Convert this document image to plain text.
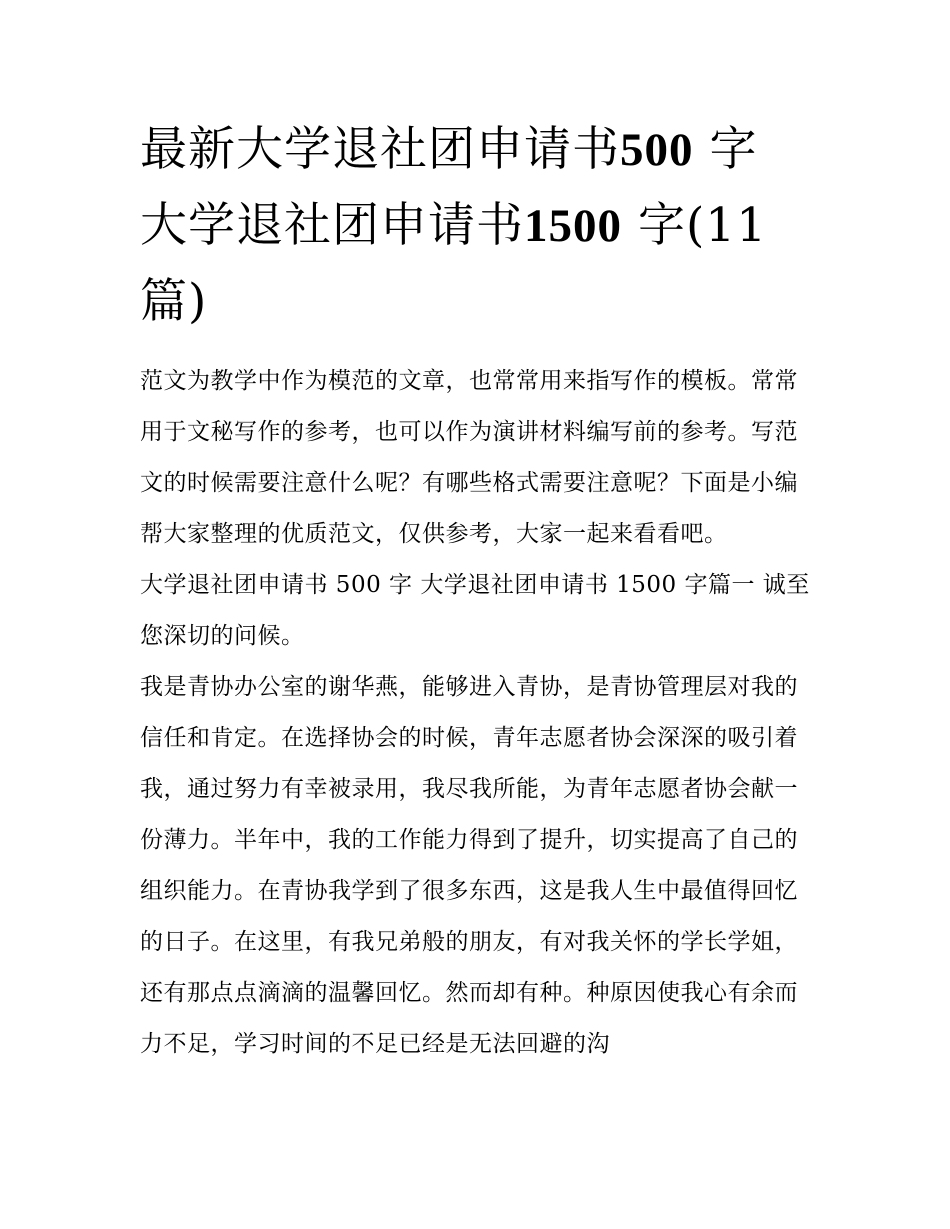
最新大学退社团申请书500 字
大学退社团申请书1500 字(11
篇)

范文为教学中作为模范的文章，也常常用来指写作的模板。常常用于文秘写作的参考，也可以作为演讲材料编写前的参考。写范文的时候需要注意什么呢？有哪些格式需要注意呢？下面是小编帮大家整理的优质范文，仅供参考，大家一起来看看吧。

大学退社团申请书 500 字 大学退社团申请书 1500 字篇一 诚至您深切的问候。

我是青协办公室的谢华燕，能够进入青协，是青协管理层对我的信任和肯定。在选择协会的时候，青年志愿者协会深深的吸引着我，通过努力有幸被录用，我尽我所能，为青年志愿者协会献一份薄力。半年中，我的工作能力得到了提升，切实提高了自己的组织能力。在青协我学到了很多东西，这是我人生中最值得回忆的日子。在这里，有我兄弟般的朋友，有对我关怀的学长学姐，还有那点点滴滴的温馨回忆。然而却有种。种原因使我心有余而力不足，学习时间的不足已经是无法回避的沟
